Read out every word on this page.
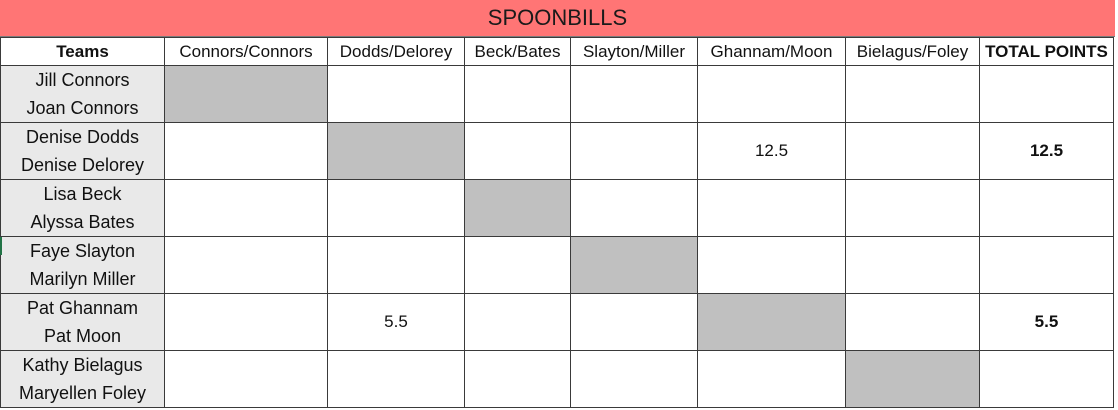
SPOONBILLS
Teams	Connors/Connors	Dodds/Delorey	Beck/Bates	Slayton/Miller	Ghannam/Moon	Bielagus/Foley	TOTAL POINTS

Jill Connors
Joan Connors							

Denise Dodds
Denise Delorey					12.5		12.5

Lisa Beck
Alyssa Bates							

Faye Slayton
Marilyn Miller							

Pat Ghannam
Pat Moon		5.5					5.5

Kathy Bielagus
Maryellen Foley							
